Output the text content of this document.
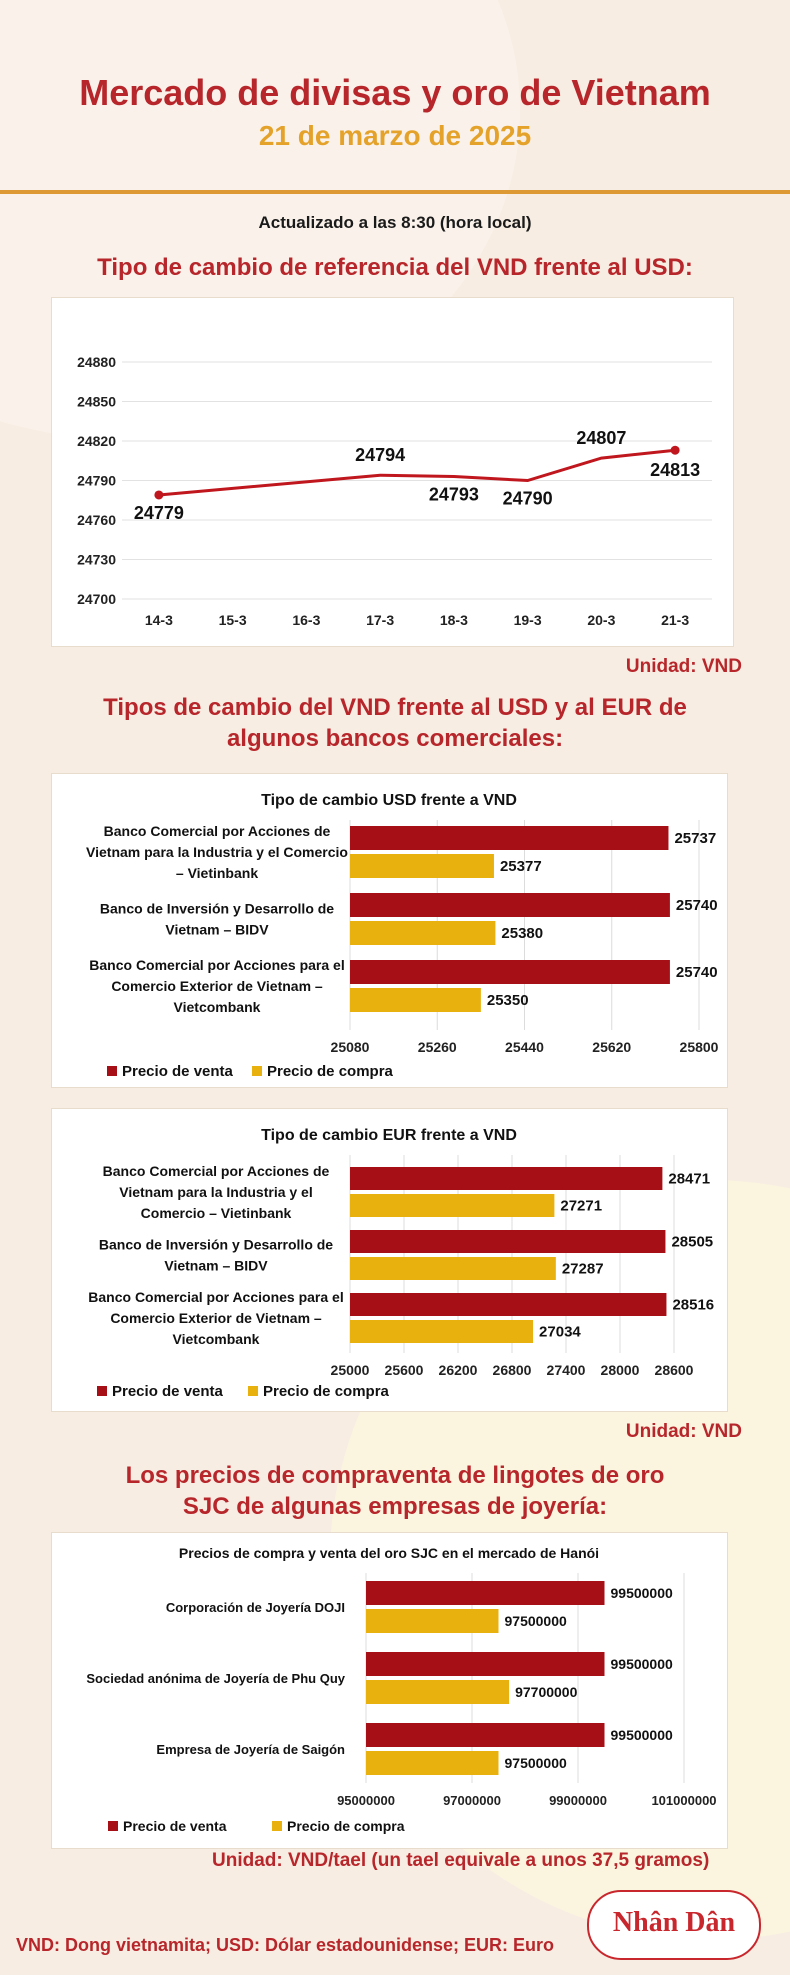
Mercado de divisas y oro de Vietnam
21 de marzo de 2025
Actualizado a las 8:30 (hora local)
Tipo de cambio de referencia del VND frente al USD:
24700
24730
24760
24790
24820
24850
24880
14-3	15-3	16-3	17-3	18-3	19-3	20-3	21-3
24779
24794
24793 24790
24807
24813
Unidad: VND
Tipos de cambio del VND frente al USD y al EUR de
algunos bancos comerciales:
Tipo de cambio USD frente a VND
25080	25260	25440	25620	25800
25737
25377
Banco Comercial por Acciones de
Vietnam para la Industria y el Comercio
– Vietinbank
25740
25380
Banco de Inversión y Desarrollo de
Vietnam – BIDV
25740
25350
Banco Comercial por Acciones para el
Comercio Exterior de Vietnam –
Vietcombank
Precio de venta Precio de compra
Tipo de cambio EUR frente a VND
25000 25600 26200 26800 27400 28000 28600
28471
27271
Banco Comercial por Acciones de
Vietnam para la Industria y el
Comercio – Vietinbank
28505
27287
Banco de Inversión y Desarrollo de
Vietnam – BIDV
28516
27034
Banco Comercial por Acciones para el
Comercio Exterior de Vietnam –
Vietcombank
Precio de venta	Precio de compra
Unidad: VND
Los precios de compraventa de lingotes de oro
SJC de algunas empresas de joyería:
Precios de compra y venta del oro SJC en el mercado de Hanói
95000000	97000000	99000000	101000000
99500000
97500000
Corporación de Joyería DOJI
99500000
97700000
Sociedad anónima de Joyería de Phu Quy
99500000
97500000
Empresa de Joyería de Saigón
Precio de venta	Precio de compra
Unidad: VND/tael (un tael equivale a unos 37,5 gramos)
VND: Dong vietnamita; USD: Dólar estadounidense; EUR: Euro
Nhân Dân
